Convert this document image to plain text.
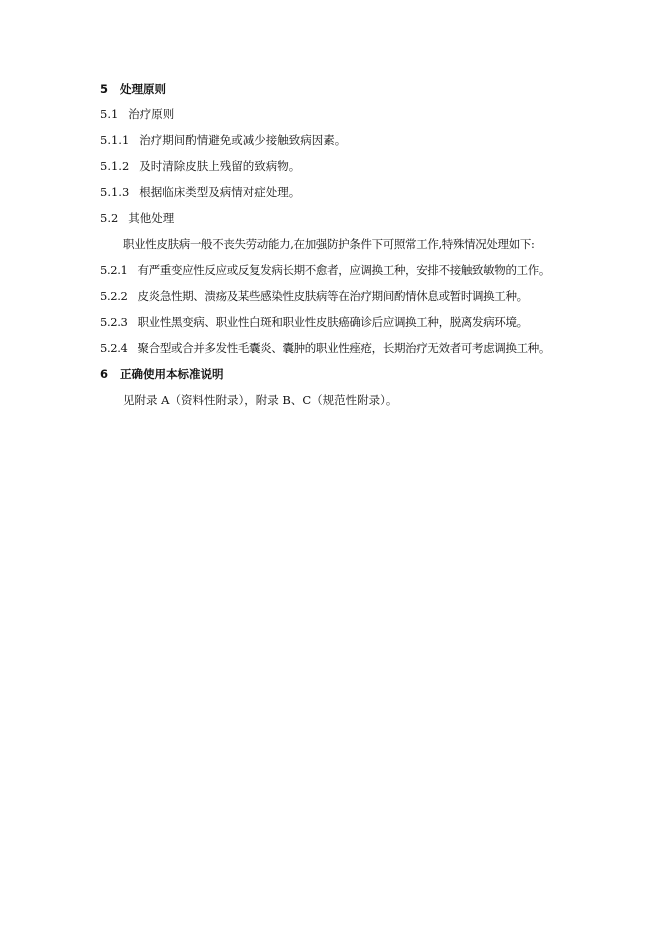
5 处理原则
5.1 治疗原则
5.1.1 治疗期间酌情避免或减少接触致病因素。
5.1.2 及时清除皮肤上残留的致病物。
5.1.3 根据临床类型及病情对症处理。
5.2 其他处理
职业性皮肤病一般不丧失劳动能力,在加强防护条件下可照常工作,特殊情况处理如下:
5.2.1 有严重变应性反应或反复发病长期不愈者，应调换工种，安排不接触致敏物的工作。
5.2.2 皮炎急性期、溃疡及某些感染性皮肤病等在治疗期间酌情休息或暂时调换工种。
5.2.3 职业性黑变病、职业性白斑和职业性皮肤癌确诊后应调换工种，脱离发病环境。
5.2.4 聚合型或合并多发性毛囊炎、囊肿的职业性痤疮，长期治疗无效者可考虑调换工种。
6 正确使用本标准说明
见附录 A（资料性附录），附录 B、C（规范性附录）。
